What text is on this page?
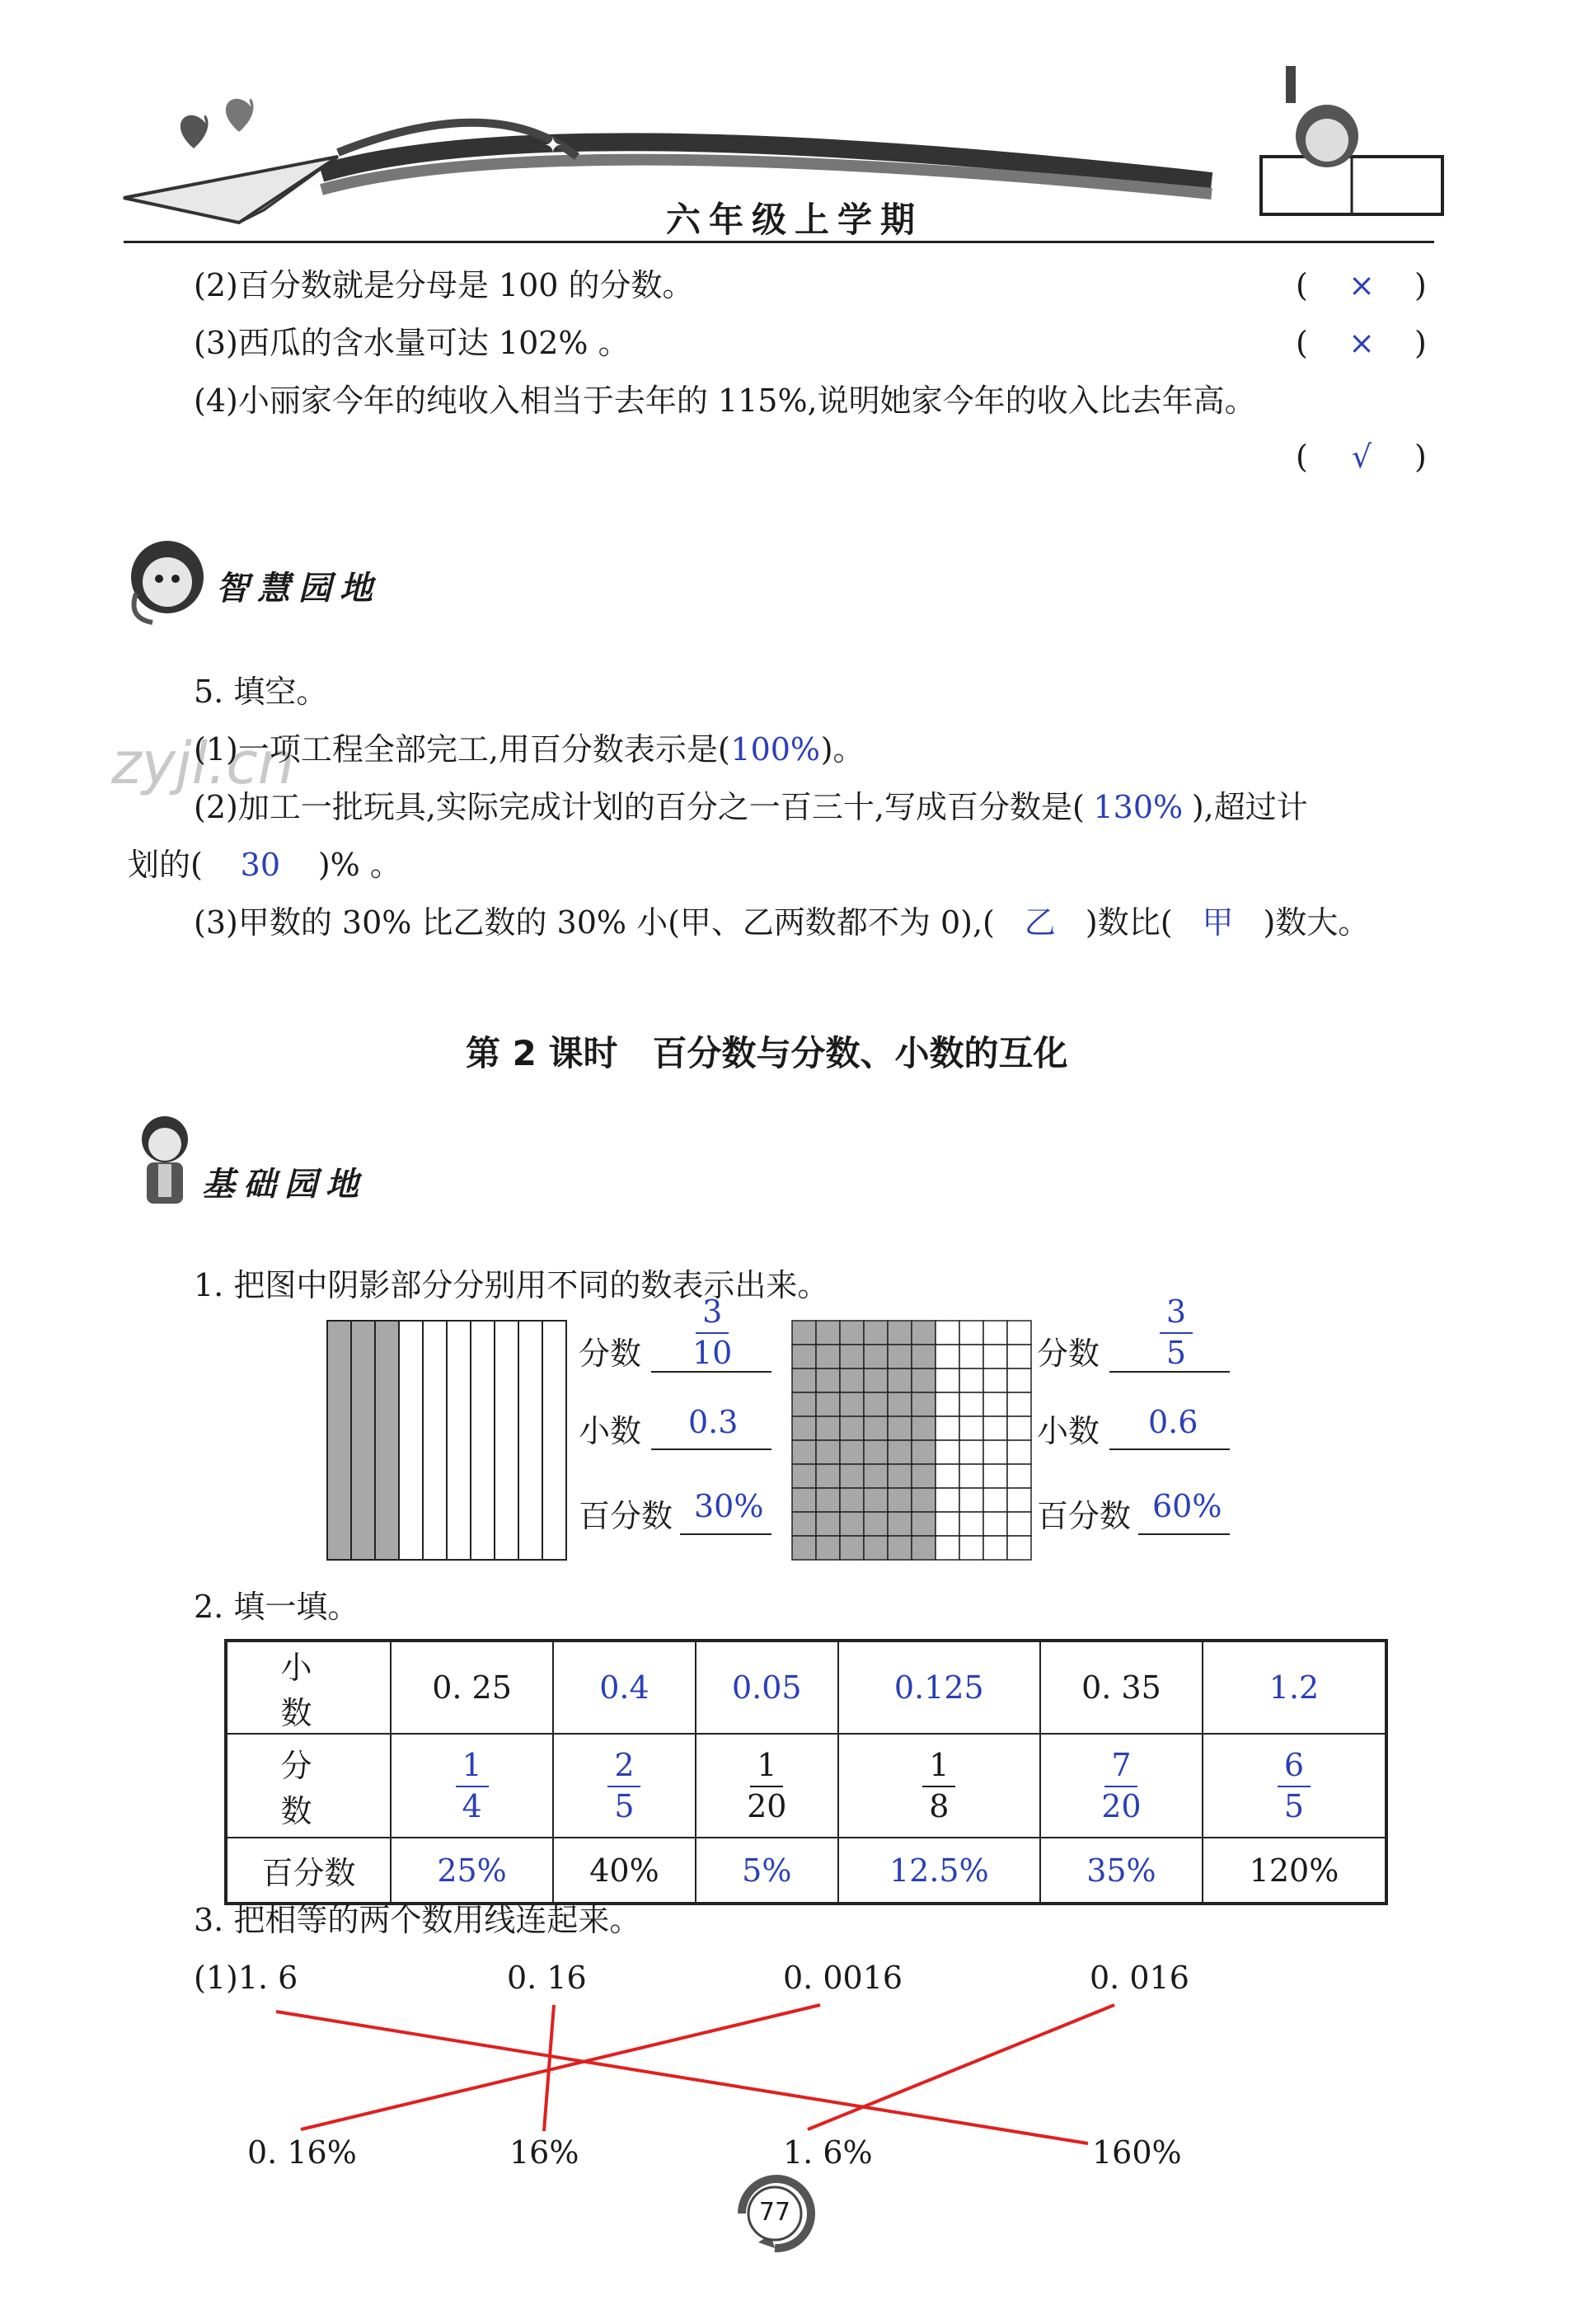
✦	✦
六年级上学期
(2)百分数就是分母是 100 的分数。	(	×	)
(3)西瓜的含水量可达 102% 。	(	×	)
(4)小丽家今年的纯收入相当于去年的 115%,说明她家今年的收入比去年高。
(	√	)
智慧园地
zyjl.cn
5. 填空。
(1)一项工程全部完工,用百分数表示是(100%)。
(2)加工一批玩具,实际完成计划的百分之一百三十,写成百分数是( 130% ),超过计
划的( 30 )% 。
(3)甲数的 30% 比乙数的 30% 小(甲、乙两数都不为 0),( 乙 )数比( 甲 )数大。
第 2 课时　百分数与分数、小数的互化
基础园地
1. 把图中阴影部分分别用不同的数表示出来。
分数
3
10
小数 0.3
百分数 30%
分数
3
5
小数 0.6
百分数 60%
2. 填一填。
小　数	0. 25	0.4	0.05	0.125	0. 35	1.2
分　数	$\frac{1}{4}$	$\frac{2}{5}$	$\frac{1}{20}$	$\frac{1}{8}$	$\frac{7}{20}$	$\frac{6}{5}$

百分数	25%	40%	5%	12.5%	35%	120%
3. 把相等的两个数用线连起来。
(1)1. 6	0. 16	0. 0016	0. 016
0. 16%	16%	1. 6%	160%
77
